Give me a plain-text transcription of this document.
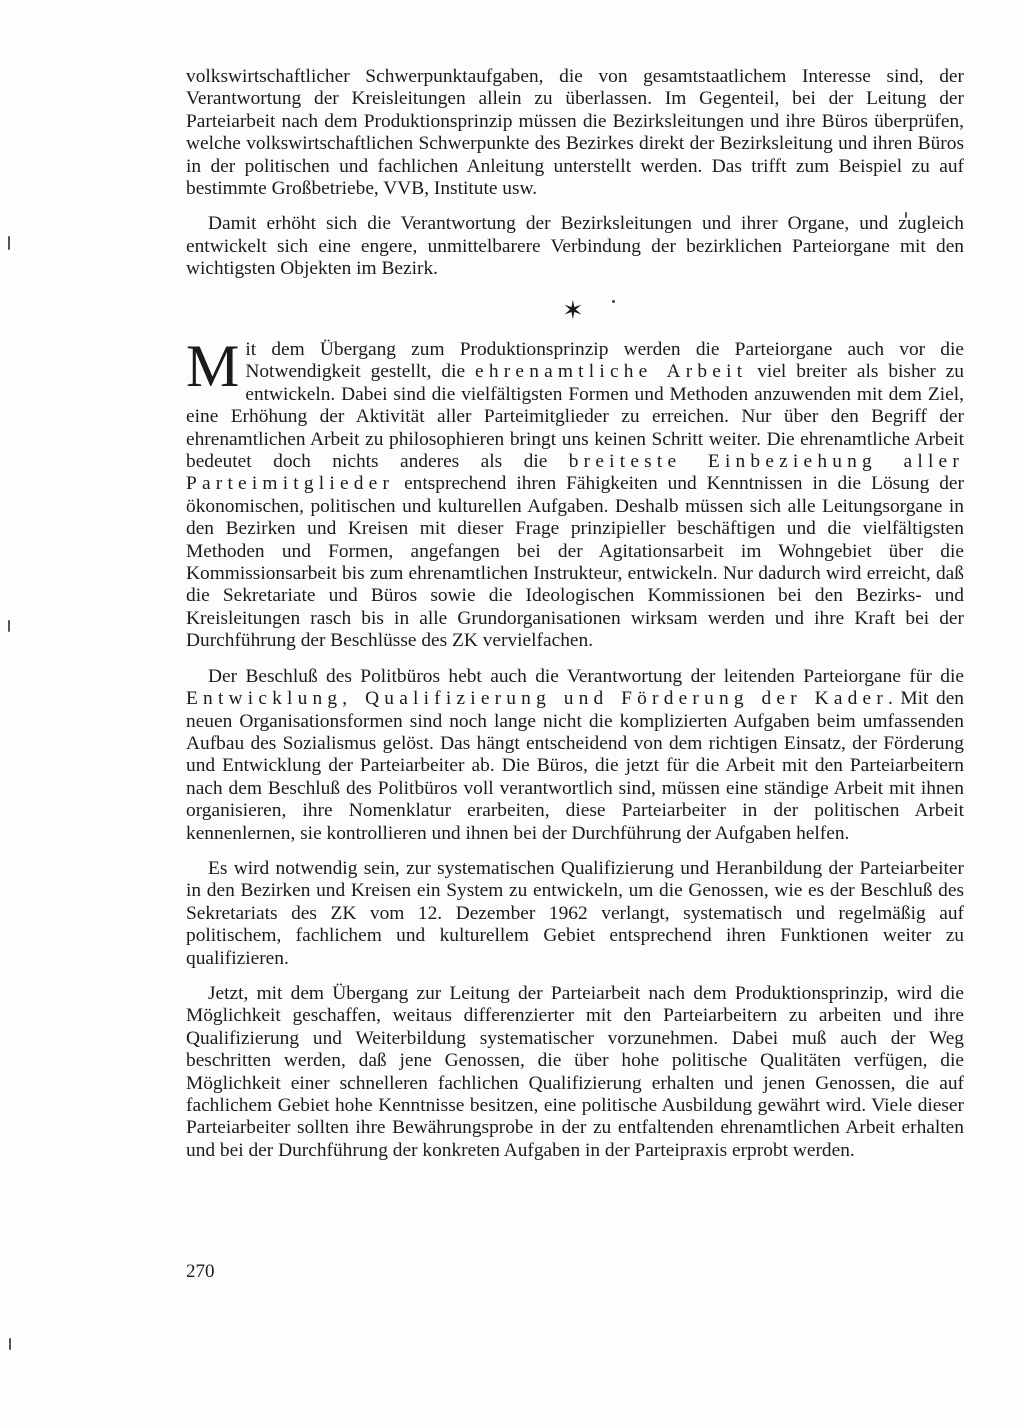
volkswirtschaftlicher Schwerpunktaufgaben, die von gesamtstaatlichem Interesse sind, der Verantwortung der Kreisleitungen allein zu überlassen. Im Gegenteil, bei der Leitung der Parteiarbeit nach dem Produktionsprinzip müssen die Bezirksleitungen und ihre Büros überprüfen, welche volkswirtschaftlichen Schwerpunkte des Bezirkes direkt der Bezirksleitung und ihren Büros in der politischen und fachlichen Anleitung unterstellt werden. Das trifft zum Beispiel zu auf bestimmte Großbetriebe, VVB, Institute usw.

Damit erhöht sich die Verantwortung der Bezirksleitungen und ihrer Organe, und zugleich entwickelt sich eine engere, unmittelbarere Verbindung der bezirklichen Parteiorgane mit den wichtigsten Objekten im Bezirk.

✶

Mit dem Übergang zum Produktionsprinzip werden die Parteiorgane auch vor die Notwendigkeit gestellt, die ehrenamtliche Arbeit viel breiter als bisher zu entwickeln. Dabei sind die vielfältigsten Formen und Methoden anzuwenden mit dem Ziel, eine Erhöhung der Aktivität aller Parteimitglieder zu erreichen. Nur über den Begriff der ehrenamtlichen Arbeit zu philosophieren bringt uns keinen Schritt weiter. Die ehrenamtliche Arbeit bedeutet doch nichts anderes als die breiteste Einbeziehung aller Parteimitglieder entsprechend ihren Fähigkeiten und Kenntnissen in die Lösung der ökonomischen, politischen und kulturellen Aufgaben. Deshalb müssen sich alle Leitungsorgane in den Bezirken und Kreisen mit dieser Frage prinzipieller beschäftigen und die vielfältigsten Methoden und Formen, angefangen bei der Agitationsarbeit im Wohngebiet über die Kommissionsarbeit bis zum ehrenamtlichen Instrukteur, entwickeln. Nur dadurch wird erreicht, daß die Sekretariate und Büros sowie die Ideologischen Kommissionen bei den Bezirks- und Kreisleitungen rasch bis in alle Grundorganisationen wirksam werden und ihre Kraft bei der Durchführung der Beschlüsse des ZK vervielfachen.

Der Beschluß des Politbüros hebt auch die Verantwortung der leitenden Parteiorgane für die Entwicklung, Qualifizierung und Förderung der Kader. Mit den neuen Organisationsformen sind noch lange nicht die komplizierten Aufgaben beim umfassenden Aufbau des Sozialismus gelöst. Das hängt entscheidend von dem richtigen Einsatz, der Förderung und Entwicklung der Parteiarbeiter ab. Die Büros, die jetzt für die Arbeit mit den Parteiarbeitern nach dem Beschluß des Politbüros voll verantwortlich sind, müssen eine ständige Arbeit mit ihnen organisieren, ihre Nomenklatur erarbeiten, diese Parteiarbeiter in der politischen Arbeit kennenlernen, sie kontrollieren und ihnen bei der Durchführung der Aufgaben helfen.

Es wird notwendig sein, zur systematischen Qualifizierung und Heranbildung der Parteiarbeiter in den Bezirken und Kreisen ein System zu entwickeln, um die Genossen, wie es der Beschluß des Sekretariats des ZK vom 12. Dezember 1962 verlangt, systematisch und regelmäßig auf politischem, fachlichem und kulturellem Gebiet entsprechend ihren Funktionen weiter zu qualifizieren.

Jetzt, mit dem Übergang zur Leitung der Parteiarbeit nach dem Produktionsprinzip, wird die Möglichkeit geschaffen, weitaus differenzierter mit den Parteiarbeitern zu arbeiten und ihre Qualifizierung und Weiterbildung systematischer vorzunehmen. Dabei muß auch der Weg beschritten werden, daß jene Genossen, die über hohe politische Qualitäten verfügen, die Möglichkeit einer schnelleren fachlichen Qualifizierung erhalten und jenen Genossen, die auf fachlichem Gebiet hohe Kenntnisse besitzen, eine politische Ausbildung gewährt wird. Viele dieser Parteiarbeiter sollten ihre Bewährungsprobe in der zu entfaltenden ehrenamtlichen Arbeit erhalten und bei der Durchführung der konkreten Aufgaben in der Parteipraxis erprobt werden.

270
